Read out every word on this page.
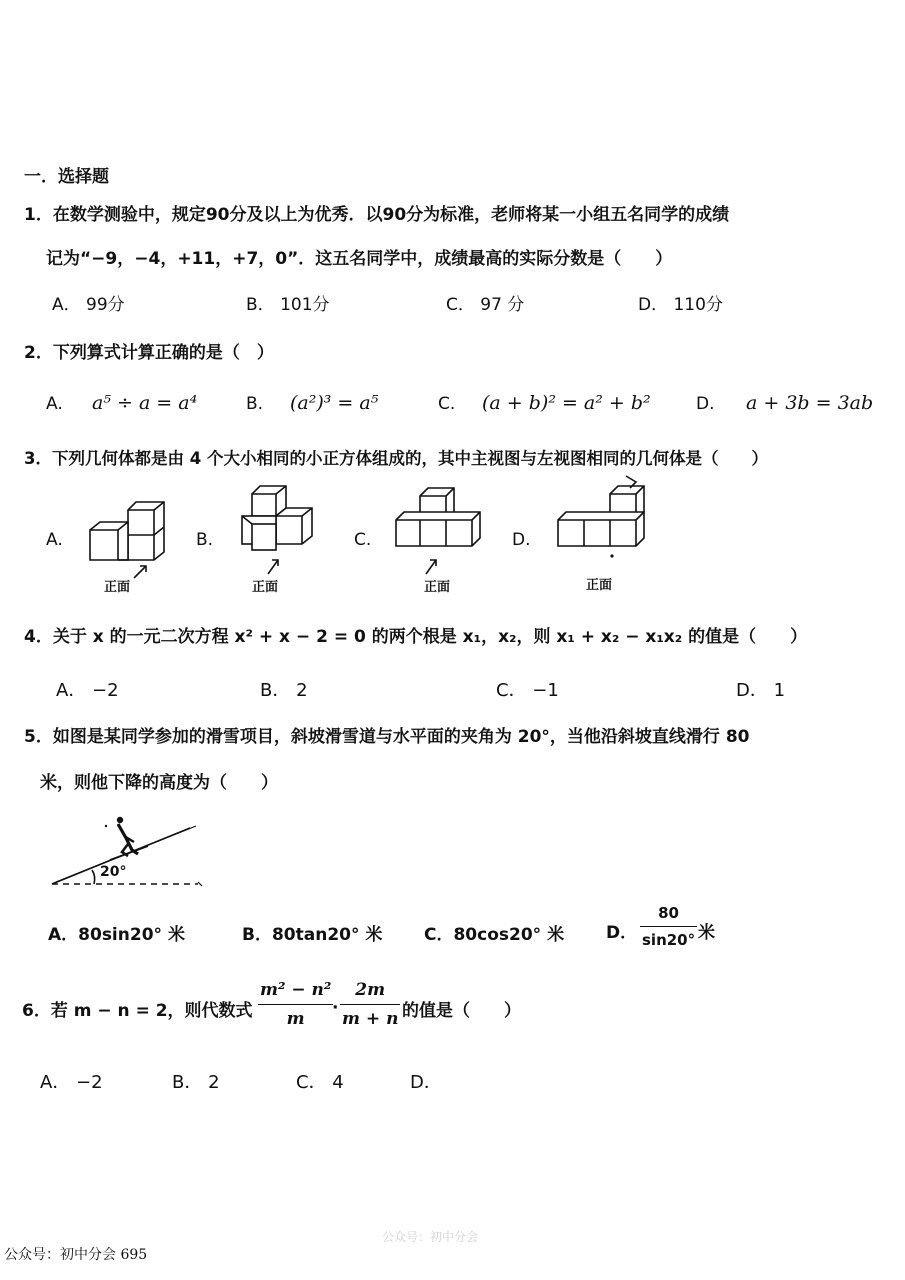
一．选择题
1．在数学测验中，规定90分及以上为优秀．以90分为标准，老师将某一小组五名同学的成绩
记为“−9，−4，+11，+7，0”．这五名同学中，成绩最高的实际分数是（　　）
A． 99分	B． 101分	C． 97 分	D． 110分
2．下列算式计算正确的是（　）
A. a⁵ ÷ a = a⁴	B. (a²)³ = a⁵	C. (a + b)² = a² + b²	D. a + 3b = 3ab
3．下列几何体都是由 4 个大小相同的小正方体组成的，其中主视图与左视图相同的几何体是（　　）
A.	B.	C.	D.
正面	正面	正面	正面
4．关于 x 的一元二次方程 x² + x − 2 = 0 的两个根是 x₁，x₂，则 x₁ + x₂ − x₁x₂ 的值是（　　）
A． −2	B． 2	C． −1	D． 1
5．如图是某同学参加的滑雪项目，斜坡滑雪道与水平面的夹角为 20°，当他沿斜坡直线滑行 80
米，则他下降的高度为（　　）
20°
A．80sin20° 米	B．80tan20° 米 C．80cos20° 米 D． $\frac{80}{\sin 20^\circ}$ 米
6．若 m − n = 2，则代数式 $\frac{\text{m² − n²}}{m}$
· $\frac{2m}{m + n}$ 的值是（　　）
A． −2	B． 2	C． 4	D．
公众号：初中分会
公众号：初中分会 695
